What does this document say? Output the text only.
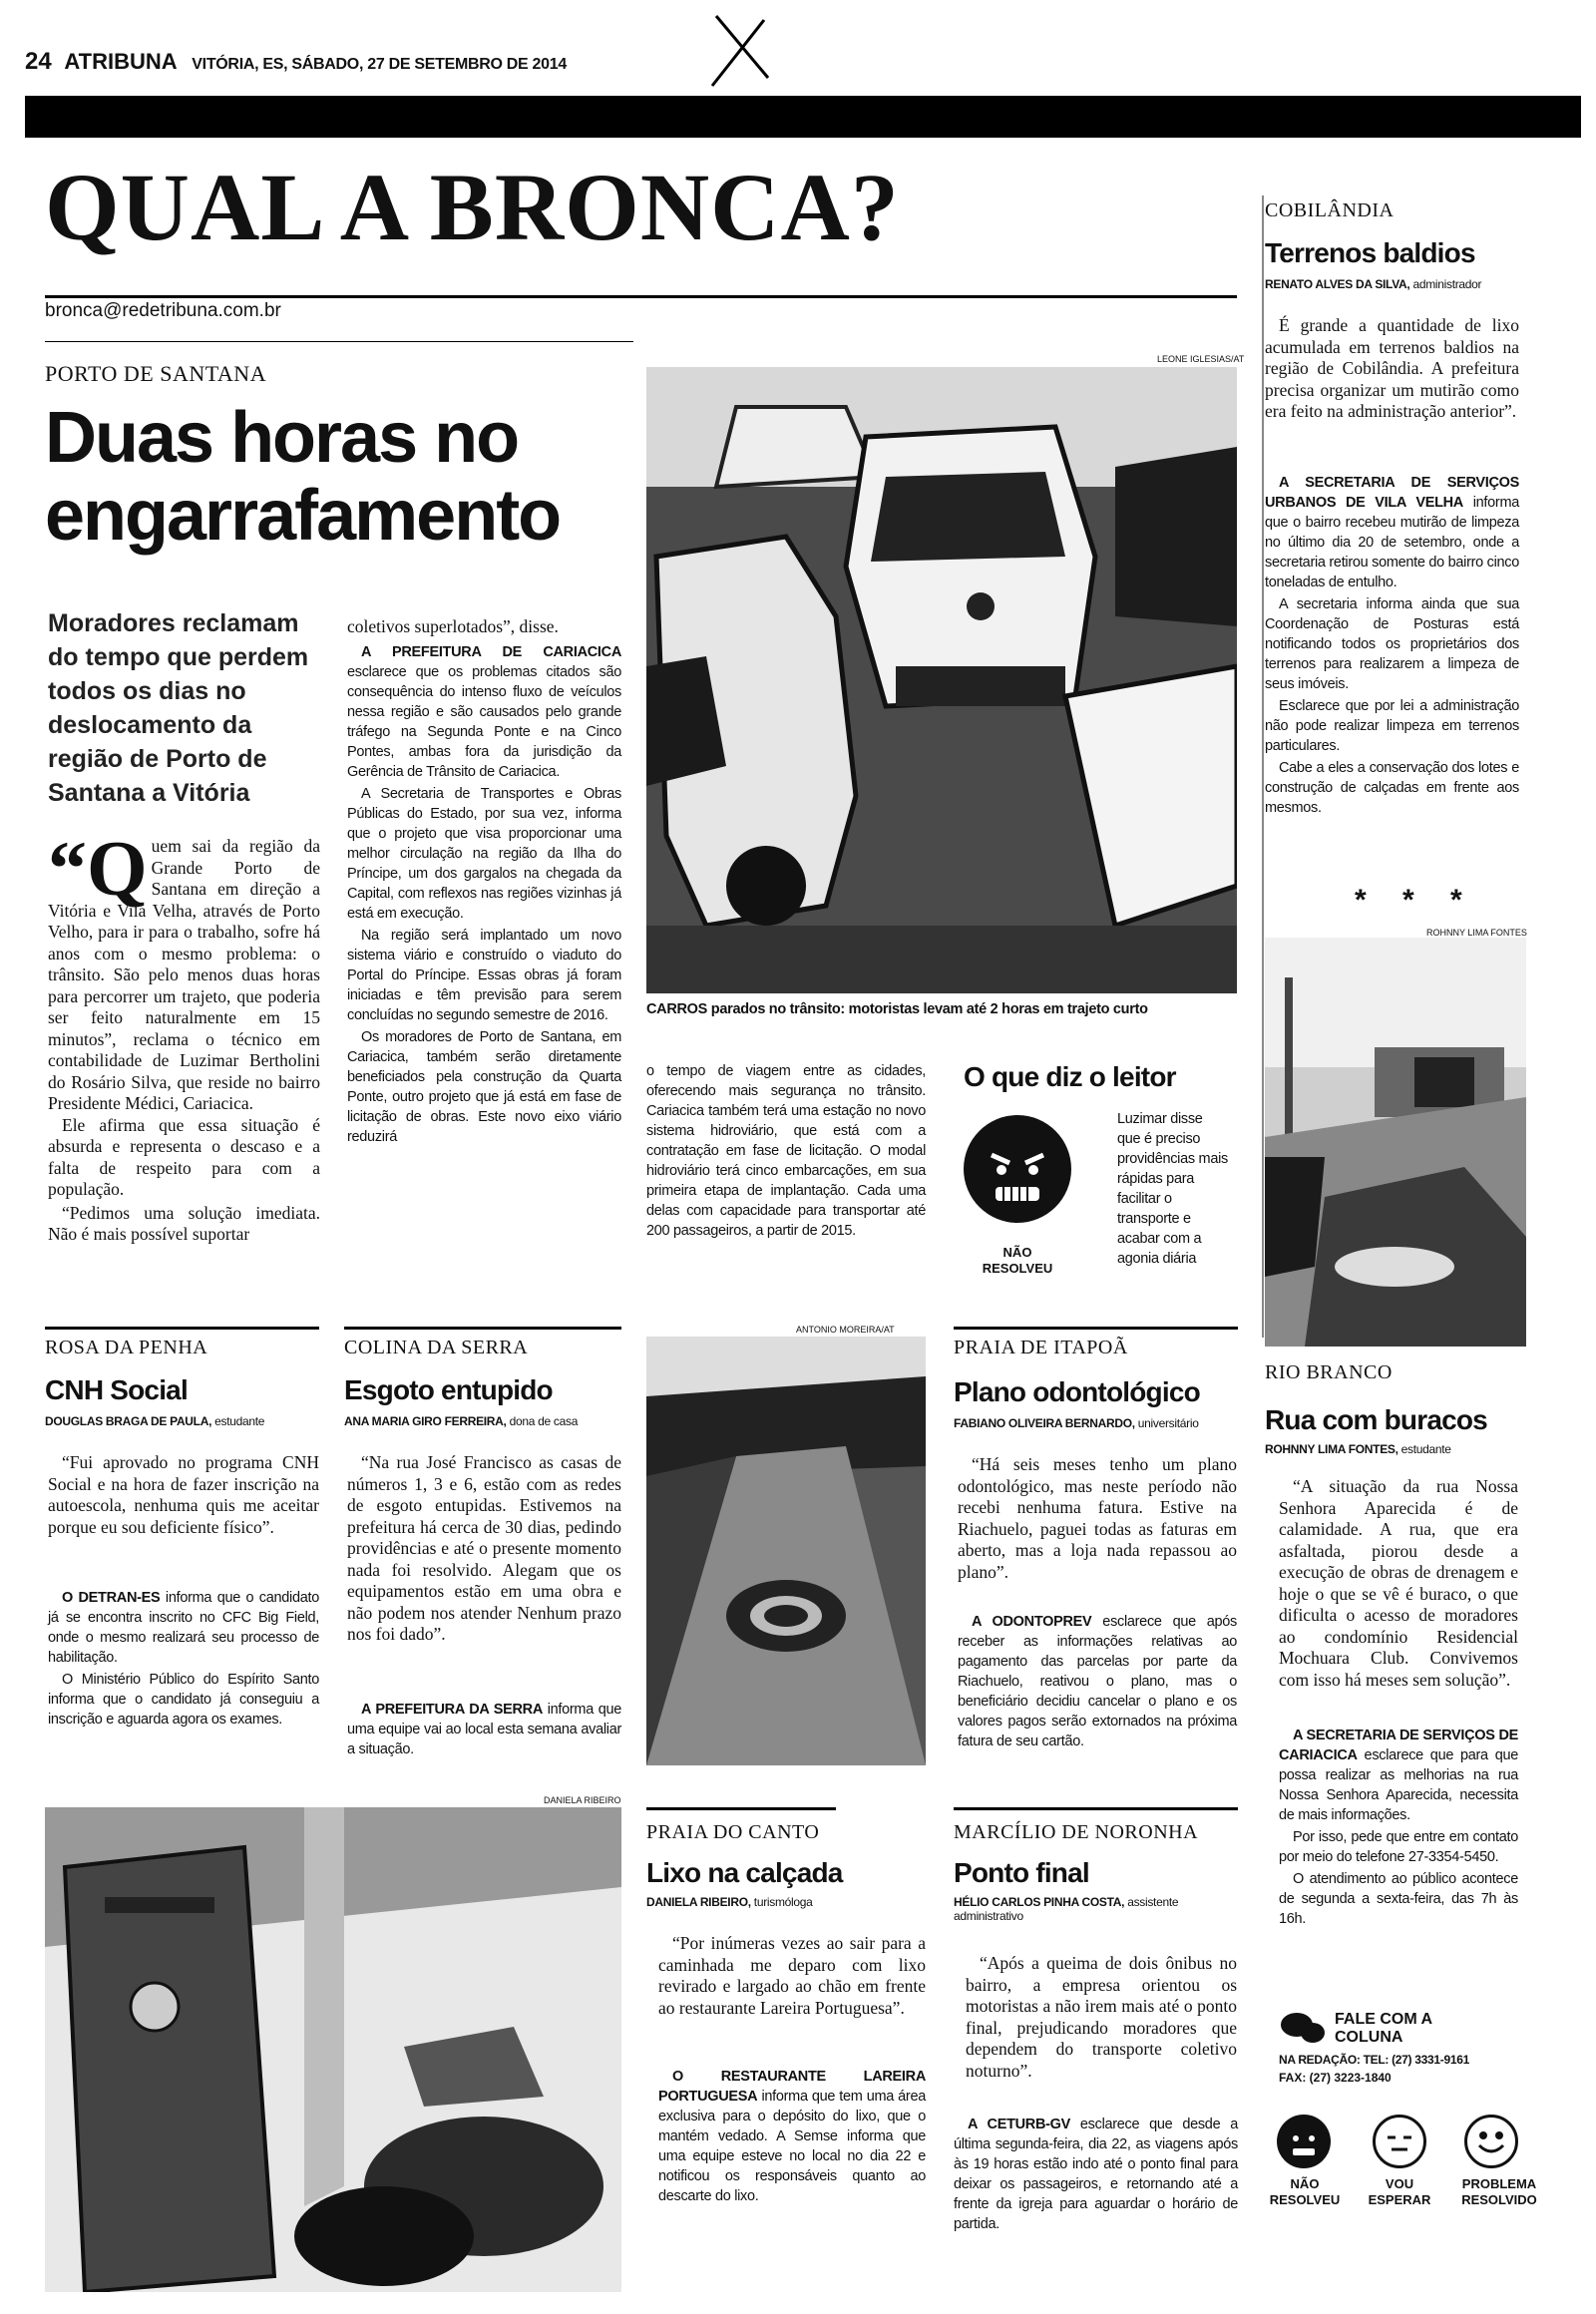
24 ATRIBUNA VITÓRIA, ES, SÁBADO, 27 DE SETEMBRO DE 2014
QUAL A BRONCA?
bronca@redetribuna.com.br
PORTO DE SANTANA
Duas horas no
engarrafamento
Moradores reclamam do tempo que perdem todos os dias no deslocamento da região de Porto de Santana a Vitória

“Quem sai da região da Grande Porto de Santana em direção a Vitória e Vila Velha, através de Porto Velho, para ir para o trabalho, sofre há anos com o mesmo problema: o trânsito. São pelo menos duas horas para percorrer um trajeto, que poderia ser feito naturalmente em 15 minutos”, reclama o técnico em contabilidade de Luzimar Bertholini do Rosário Silva, que reside no bairro Presidente Médici, Cariacica.

Ele afirma que essa situação é absurda e representa o descaso e a falta de respeito para com a população.

“Pedimos uma solução imediata. Não é mais possível suportar

coletivos superlotados”, disse.

A PREFEITURA DE CARIACICA esclarece que os problemas citados são consequência do intenso fluxo de veículos nessa região e são causados pelo grande tráfego na Segunda Ponte e na Cinco Pontes, ambas fora da jurisdição da Gerência de Trânsito de Cariacica.

A Secretaria de Transportes e Obras Públicas do Estado, por sua vez, informa que o projeto que visa proporcionar uma melhor circulação na região da Ilha do Príncipe, um dos gargalos na chegada da Capital, com reflexos nas regiões vizinhas já está em execução.

Na região será implantado um novo sistema viário e construído o viaduto do Portal do Príncipe. Essas obras já foram iniciadas e têm previsão para serem concluídas no segundo semestre de 2016.

Os moradores de Porto de Santana, em Cariacica, também serão diretamente beneficiados pela construção da Quarta Ponte, outro projeto que já está em fase de licitação de obras. Este novo eixo viário reduzirá

LEONE IGLESIAS/AT
CARROS parados no trânsito: motoristas levam até 2 horas em trajeto curto

o tempo de viagem entre as cidades, oferecendo mais segurança no trânsito. Cariacica também terá uma estação no novo sistema hidroviário, que está com a contratação em fase de licitação. O modal hidroviário terá cinco embarcações, em sua primeira etapa de implantação. Cada uma delas com capacidade para transportar até 200 passageiros, a partir de 2015.

O que diz o leitor
NÃO RESOLVEU
Luzimar disse que é preciso providências mais rápidas para facilitar o transporte e acabar com a agonia diária
COBILÂNDIA
Terrenos baldios
RENATO ALVES DA SILVA, administrador

É grande a quantidade de lixo acumulada em terrenos baldios na região de Cobilândia. A prefeitura precisa organizar um mutirão como era feito na administração anterior”.

A SECRETARIA DE SERVIÇOS URBANOS DE VILA VELHA informa que o bairro recebeu mutirão de limpeza no último dia 20 de setembro, onde a secretaria retirou somente do bairro cinco toneladas de entulho.

A secretaria informa ainda que sua Coordenação de Posturas está notificando todos os proprietários dos terrenos para realizarem a limpeza de seus imóveis.

Esclarece que por lei a administração não pode realizar limpeza em terrenos particulares.

Cabe a eles a conservação dos lotes e construção de calçadas em frente aos mesmos.

* * *
ROHNNY LIMA FONTES
RIO BRANCO
Rua com buracos
ROHNNY LIMA FONTES, estudante

“A situação da rua Nossa Senhora Aparecida é de calamidade. A rua, que era asfaltada, piorou desde a execução de obras de drenagem e hoje o que se vê é buraco, o que dificulta o acesso de moradores ao condomínio Residencial Mochuara Club. Convivemos com isso há meses sem solução”.

A SECRETARIA DE SERVIÇOS DE CARIACICA esclarece que para que possa realizar as melhorias na rua Nossa Senhora Aparecida, necessita de mais informações.

Por isso, pede que entre em contato por meio do telefone 27-3354-5450.

O atendimento ao público acontece de segunda a sexta-feira, das 7h às 16h.

FALE COM A COLUNA
NA REDAÇÃO: TEL: (27) 3331-9161
FAX: (27) 3223-1840
NÃO RESOLVEU
VOU ESPERAR
PROBLEMA RESOLVIDO
ROSA DA PENHA
CNH Social
DOUGLAS BRAGA DE PAULA, estudante

“Fui aprovado no programa CNH Social e na hora de fazer inscrição na autoescola, nenhuma quis me aceitar porque eu sou deficiente físico”.

O DETRAN-ES informa que o candidato já se encontra inscrito no CFC Big Field, onde o mesmo realizará seu processo de habilitação.

O Ministério Público do Espírito Santo informa que o candidato já conseguiu a inscrição e aguarda agora os exames.

COLINA DA SERRA
Esgoto entupido
ANA MARIA GIRO FERREIRA, dona de casa

“Na rua José Francisco as casas de números 1, 3 e 6, estão com as redes de esgoto entupidas. Estivemos na prefeitura há cerca de 30 dias, pedindo providências e até o presente momento nada foi resolvido. Alegam que os equipamentos estão em uma obra e não podem nos atender Nenhum prazo nos foi dado”.

A PREFEITURA DA SERRA informa que uma equipe vai ao local esta semana avaliar a situação.

ANTONIO MOREIRA/AT
PRAIA DE ITAPOÃ
Plano odontológico
FABIANO OLIVEIRA BERNARDO, universitário

“Há seis meses tenho um plano odontológico, mas neste período não recebi nenhuma fatura. Estive na Riachuelo, paguei todas as faturas em aberto, mas a loja nada repassou ao plano”.

A ODONTOPREV esclarece que após receber as informações relativas ao pagamento das parcelas por parte da Riachuelo, reativou o plano, mas o beneficiário decidiu cancelar o plano e os valores pagos serão extornados na próxima fatura de seu cartão.

DANIELA RIBEIRO
PRAIA DO CANTO
Lixo na calçada
DANIELA RIBEIRO, turismóloga

“Por inúmeras vezes ao sair para a caminhada me deparo com lixo revirado e largado ao chão em frente ao restaurante Lareira Portuguesa”.

O RESTAURANTE LAREIRA PORTUGUESA informa que tem uma área exclusiva para o depósito do lixo, que o mantém vedado. A Semse informa que uma equipe esteve no local no dia 22 e notificou os responsáveis quanto ao descarte do lixo.

MARCÍLIO DE NORONHA
Ponto final
HÉLIO CARLOS PINHA COSTA, assistente administrativo

“Após a queima de dois ônibus no bairro, a empresa orientou os motoristas a não irem mais até o ponto final, prejudicando moradores que dependem do transporte coletivo noturno”.

A CETURB-GV esclarece que desde a última segunda-feira, dia 22, as viagens após às 19 horas estão indo até o ponto final para deixar os passageiros, e retornando até a frente da igreja para aguardar o horário de partida.
